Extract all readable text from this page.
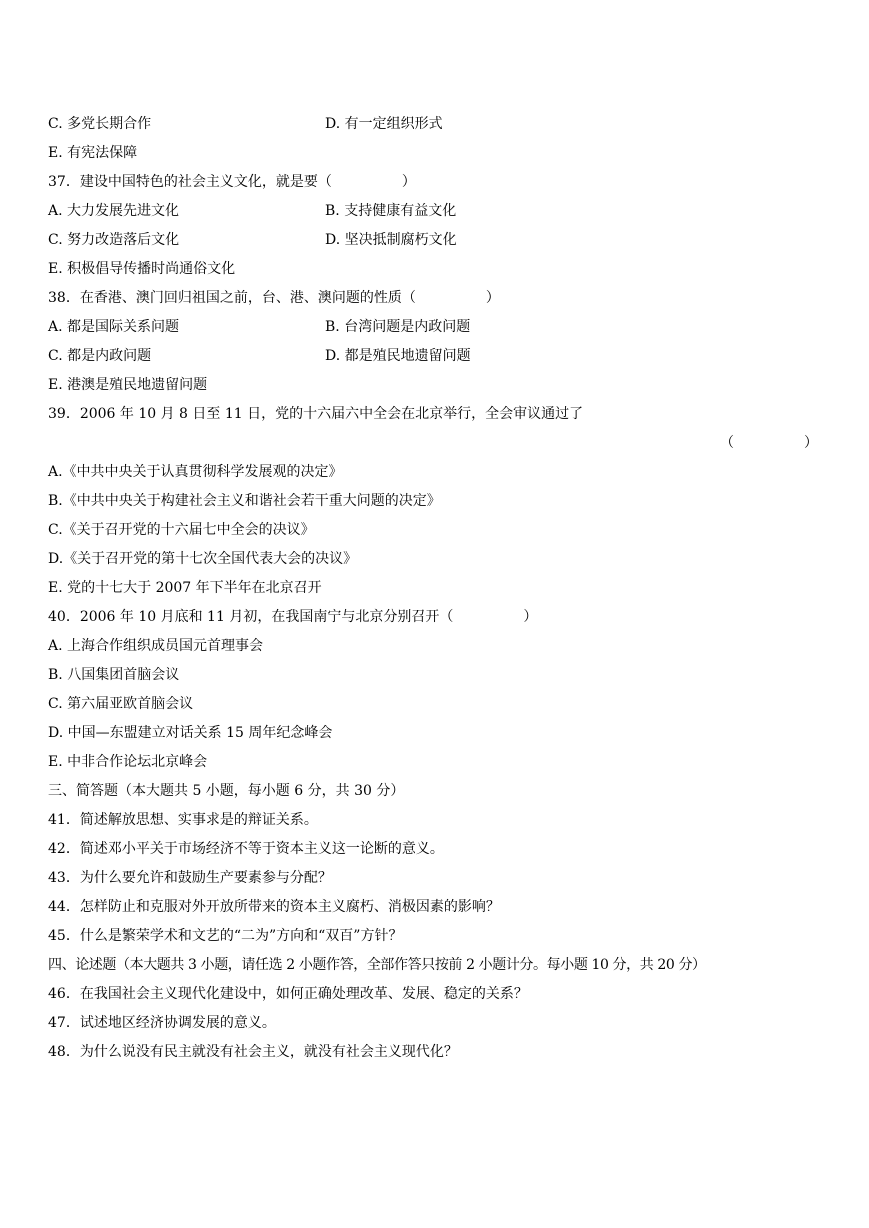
C. 多党长期合作	D. 有一定组织形式
E. 有宪法保障
37．建设中国特色的社会主义文化，就是要（　　　　　）
A. 大力发展先进文化	B. 支持健康有益文化
C. 努力改造落后文化	D. 坚决抵制腐朽文化
E. 积极倡导传播时尚通俗文化
38．在香港、澳门回归祖国之前，台、港、澳问题的性质（　　　　　）
A. 都是国际关系问题	B. 台湾问题是内政问题
C. 都是内政问题	D. 都是殖民地遗留问题
E. 港澳是殖民地遗留问题
39．2006 年 10 月 8 日至 11 日，党的十六届六中全会在北京举行，全会审议通过了
（　　　　　）
A.《中共中央关于认真贯彻科学发展观的决定》
B.《中共中央关于构建社会主义和谐社会若干重大问题的决定》
C.《关于召开党的十六届七中全会的决议》
D.《关于召开党的第十七次全国代表大会的决议》
E. 党的十七大于 2007 年下半年在北京召开
40．2006 年 10 月底和 11 月初，在我国南宁与北京分别召开（　　　　　）
A. 上海合作组织成员国元首理事会
B. 八国集团首脑会议
C. 第六届亚欧首脑会议
D. 中国—东盟建立对话关系 15 周年纪念峰会
E. 中非合作论坛北京峰会
三、简答题（本大题共 5 小题，每小题 6 分，共 30 分）
41．简述解放思想、实事求是的辩证关系。
42．简述邓小平关于市场经济不等于资本主义这一论断的意义。
43．为什么要允许和鼓励生产要素参与分配？
44．怎样防止和克服对外开放所带来的资本主义腐朽、消极因素的影响？
45．什么是繁荣学术和文艺的“二为”方向和“双百”方针？
四、论述题（本大题共 3 小题，请任选 2 小题作答，全部作答只按前 2 小题计分。每小题 10 分，共 20 分）
46．在我国社会主义现代化建设中，如何正确处理改革、发展、稳定的关系？
47．试述地区经济协调发展的意义。
48．为什么说没有民主就没有社会主义，就没有社会主义现代化？
